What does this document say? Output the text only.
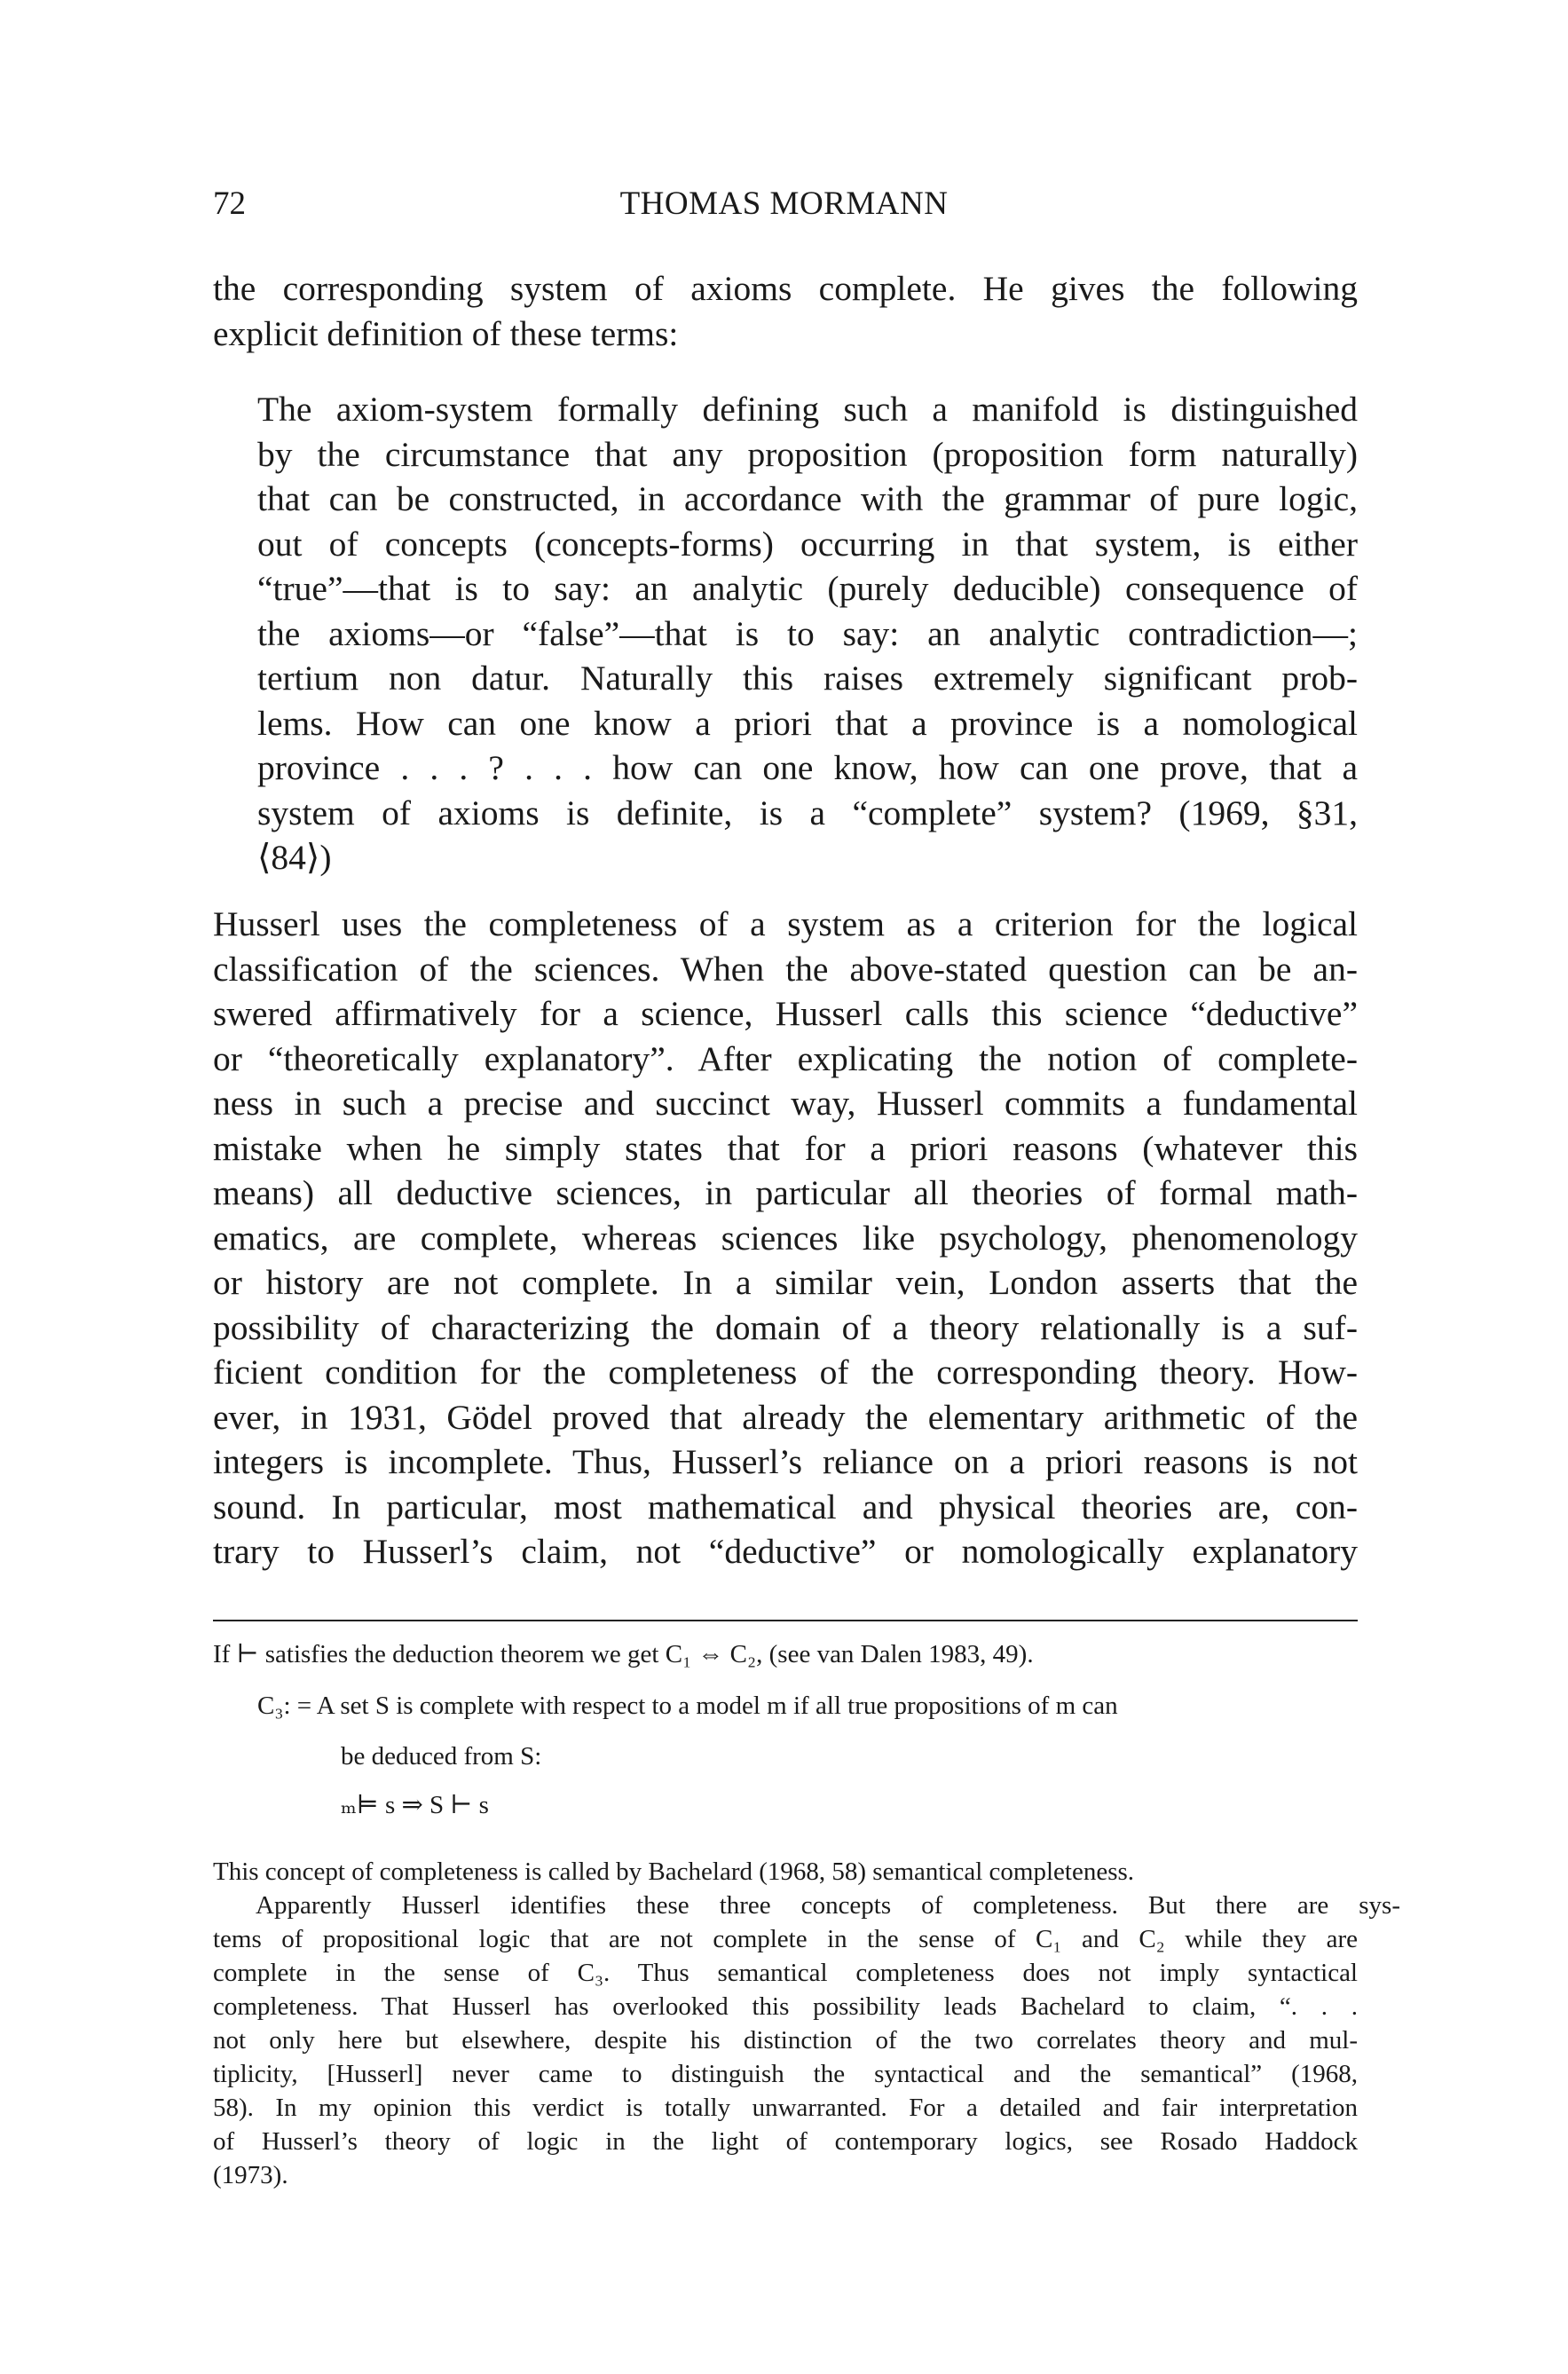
72	THOMAS MORMANN
the corresponding system of axioms complete. He gives the following
explicit definition of these terms:
The axiom-system formally defining such a manifold is distinguished
by the circumstance that any proposition (proposition form naturally)
that can be constructed, in accordance with the grammar of pure logic,
out of concepts (concepts-forms) occurring in that system, is either
“true”—that is to say: an analytic (purely deducible) consequence of
the axioms—or “false”—that is to say: an analytic contradiction—;
tertium non datur. Naturally this raises extremely significant prob-
lems. How can one know a priori that a province is a nomological
province . . . ? . . . how can one know, how can one prove, that a
system of axioms is definite, is a “complete” system? (1969, §31,
⟨84⟩)
Husserl uses the completeness of a system as a criterion for the logical
classification of the sciences. When the above-stated question can be an-
swered affirmatively for a science, Husserl calls this science “deductive”
or “theoretically explanatory”. After explicating the notion of complete-
ness in such a precise and succinct way, Husserl commits a fundamental
mistake when he simply states that for a priori reasons (whatever this
means) all deductive sciences, in particular all theories of formal math-
ematics, are complete, whereas sciences like psychology, phenomenology
or history are not complete. In a similar vein, London asserts that the
possibility of characterizing the domain of a theory relationally is a suf-
ficient condition for the completeness of the corresponding theory. How-
ever, in 1931, Gödel proved that already the elementary arithmetic of the
integers is incomplete. Thus, Husserl’s reliance on a priori reasons is not
sound. In particular, most mathematical and physical theories are, con-
trary to Husserl’s claim, not “deductive” or nomologically explanatory
If ⊢ satisfies the deduction theorem we get C₁ ⇔ C₂, (see van Dalen 1983, 49).
C₃: = A set S is complete with respect to a model m if all true propositions of m can
be deduced from S:
ₘ⊨ s ⇒ S ⊢ s
This concept of completeness is called by Bachelard (1968, 58) semantical completeness.
Apparently Husserl identifies these three concepts of completeness. But there are sys-
tems of propositional logic that are not complete in the sense of C₁ and C₂ while they are
complete in the sense of C₃. Thus semantical completeness does not imply syntactical
completeness. That Husserl has overlooked this possibility leads Bachelard to claim, “. . .
not only here but elsewhere, despite his distinction of the two correlates theory and mul-
tiplicity, [Husserl] never came to distinguish the syntactical and the semantical” (1968,
58). In my opinion this verdict is totally unwarranted. For a detailed and fair interpretation
of Husserl’s theory of logic in the light of contemporary logics, see Rosado Haddock
(1973).
